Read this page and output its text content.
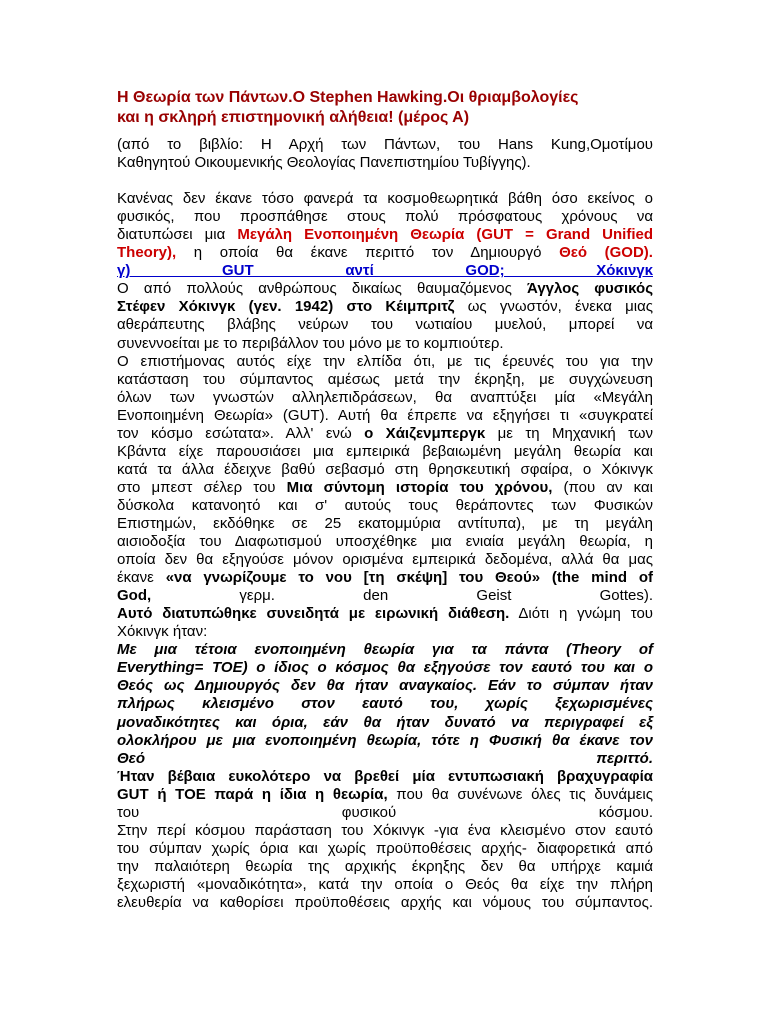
Η Θεωρία των Πάντων.Ο Stephen Hawking.Οι θριαμβολογίες
και η σκληρή επιστημονική αλήθεια! (μέρος Α)
(από το βιβλίο: Η Αρχή των Πάντων, του Hans Kung,Ομοτίμου
Καθηγητού Οικουμενικής Θεολογίας Πανεπιστημίου Τυβίγγης).
Κανένας δεν έκανε τόσο φανερά τα κοσμοθεωρητικά βάθη όσο εκείνος ο
φυσικός, που προσπάθησε στους πολύ πρόσφατους χρόνους να
διατυπώσει μια Μεγάλη Ενοποιημένη Θεωρία (GUT = Grand Unified
Theory), η οποία θα έκανε περιττό τον Δημιουργό Θεό (GOD).
γ) GUT αντί GOD; Χόκινγκ
Ο από πολλούς ανθρώπους δικαίως θαυμαζόμενος Άγγλος φυσικός
Στέφεν Χόκινγκ (γεν. 1942) στο Κέιμπριτζ ως γνωστόν, ένεκα μιας
αθεράπευτης βλάβης νεύρων του νωτιαίου μυελού, μπορεί να
συνεννοείται με το περιβάλλον του μόνο με το κομπιούτερ.
Ο επιστήμονας αυτός είχε την ελπίδα ότι, με τις έρευνές του για την
κατάσταση του σύμπαντος αμέσως μετά την έκρηξη, με συγχώνευση
όλων των γνωστών αλληλεπιδράσεων, θα αναπτύξει μία «Μεγάλη
Ενοποιημένη Θεωρία» (GUT). Αυτή θα έπρεπε να εξηγήσει τι «συγκρατεί
τον κόσμο εσώτατα». Αλλ' ενώ ο Χάιζενμπεργκ με τη Μηχανική των
Κβάντα είχε παρουσιάσει μια εμπειρικά βεβαιωμένη μεγάλη θεωρία και
κατά τα άλλα έδειχνε βαθύ σεβασμό στη θρησκευτική σφαίρα, ο Χόκινγκ
στο μπεστ σέλερ του Μια σύντομη ιστορία του χρόνου, (που αν και
δύσκολα κατανοητό και σ' αυτούς τους θεράποντες των Φυσικών
Επιστημών, εκδόθηκε σε 25 εκατομμύρια αντίτυπα), με τη μεγάλη
αισιοδοξία του Διαφωτισμού υποσχέθηκε μια ενιαία μεγάλη θεωρία, η
οποία δεν θα εξηγούσε μόνον ορισμένα εμπειρικά δεδομένα, αλλά θα μας
έκανε «να γνωρίζουμε το νου [τη σκέψη] του Θεού» (the mind of
God, γερμ. den Geist Gottes).
Αυτό διατυπώθηκε συνειδητά με ειρωνική διάθεση. Διότι η γνώμη του
Χόκινγκ ήταν:
Με μια τέτοια ενοποιημένη θεωρία για τα πάντα (Theory of
Everything= TOE) ο ίδιος ο κόσμος θα εξηγούσε τον εαυτό του και ο
Θεός ως Δημιουργός δεν θα ήταν αναγκαίος. Εάν το σύμπαν ήταν
πλήρως κλεισμένο στον εαυτό του, χωρίς ξεχωρισμένες
μοναδικότητες και όρια, εάν θα ήταν δυνατό να περιγραφεί εξ
ολοκλήρου με μια ενοποιημένη θεωρία, τότε η Φυσική θα έκανε τον
Θεό περιττό.
Ήταν βέβαια ευκολότερο να βρεθεί μία εντυπωσιακή βραχυγραφία
GUT ή TOE παρά η ίδια η θεωρία, που θα συνένωνε όλες τις δυνάμεις
του φυσικού κόσμου.
Στην περί κόσμου παράσταση του Χόκινγκ -για ένα κλεισμένο στον εαυτό
του σύμπαν χωρίς όρια και χωρίς προϋποθέσεις αρχής- διαφορετικά από
την παλαιότερη θεωρία της αρχικής έκρηξης δεν θα υπήρχε καμιά
ξεχωριστή «μοναδικότητα», κατά την οποία ο Θεός θα είχε την πλήρη
ελευθερία να καθορίσει προϋποθέσεις αρχής και νόμους του σύμπαντος.
